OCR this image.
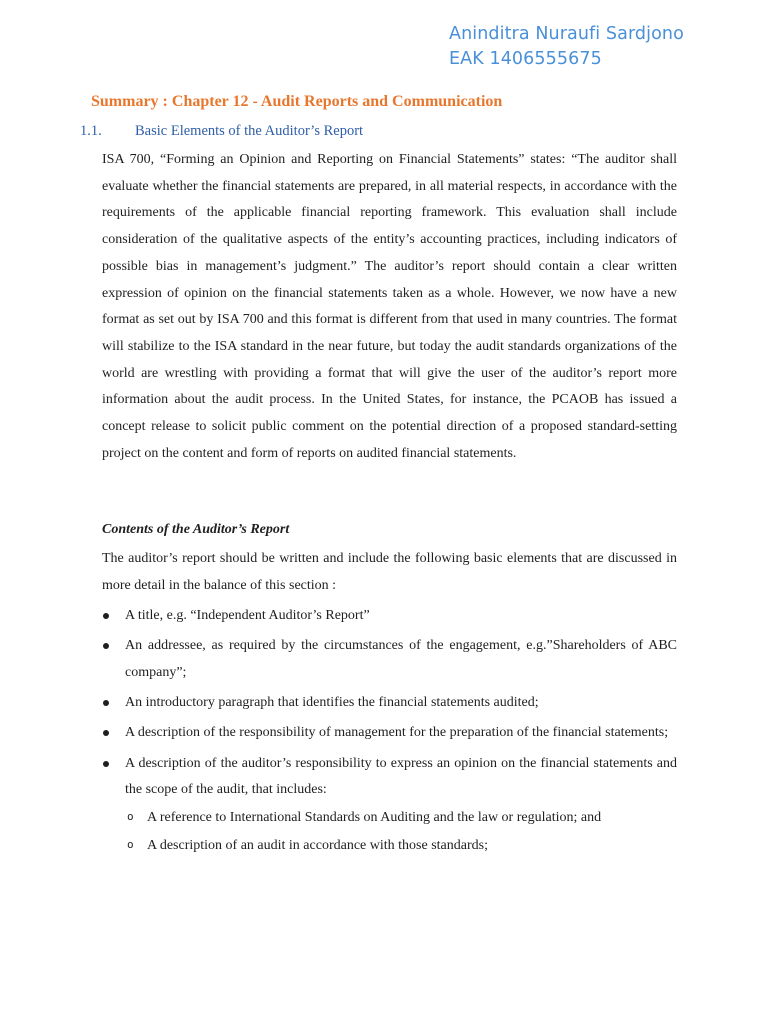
Aninditra Nuraufi Sardjono
EAK 1406555675
Summary : Chapter 12 - Audit Reports and Communication
1.1. Basic Elements of the Auditor’s Report
ISA 700, “Forming an Opinion and Reporting on Financial Statements” states: “The auditor shall evaluate whether the financial statements are prepared, in all material respects, in accordance with the requirements of the applicable financial reporting framework. This evaluation shall include consideration of the qualitative aspects of the entity’s accounting practices, including indicators of possible bias in management’s judgment.” The auditor’s report should contain a clear written expression of opinion on the financial statements taken as a whole. However, we now have a new format as set out by ISA 700 and this format is different from that used in many countries. The format will stabilize to the ISA standard in the near future, but today the audit standards organizations of the world are wrestling with providing a format that will give the user of the auditor’s report more information about the audit process. In the United States, for instance, the PCAOB has issued a concept release to solicit public comment on the potential direction of a proposed standard-setting project on the content and form of reports on audited financial statements.
Contents of the Auditor’s Report
The auditor’s report should be written and include the following basic elements that are discussed in more detail in the balance of this section :
A title, e.g. “Independent Auditor’s Report”
An addressee, as required by the circumstances of the engagement, e.g.”Shareholders of ABC company”;
An introductory paragraph that identifies the financial statements audited;
A description of the responsibility of management for the preparation of the financial statements;
A description of the auditor’s responsibility to express an opinion on the financial statements and the scope of the audit, that includes:
o A reference to International Standards on Auditing and the law or regulation; and
o A description of an audit in accordance with those standards;
